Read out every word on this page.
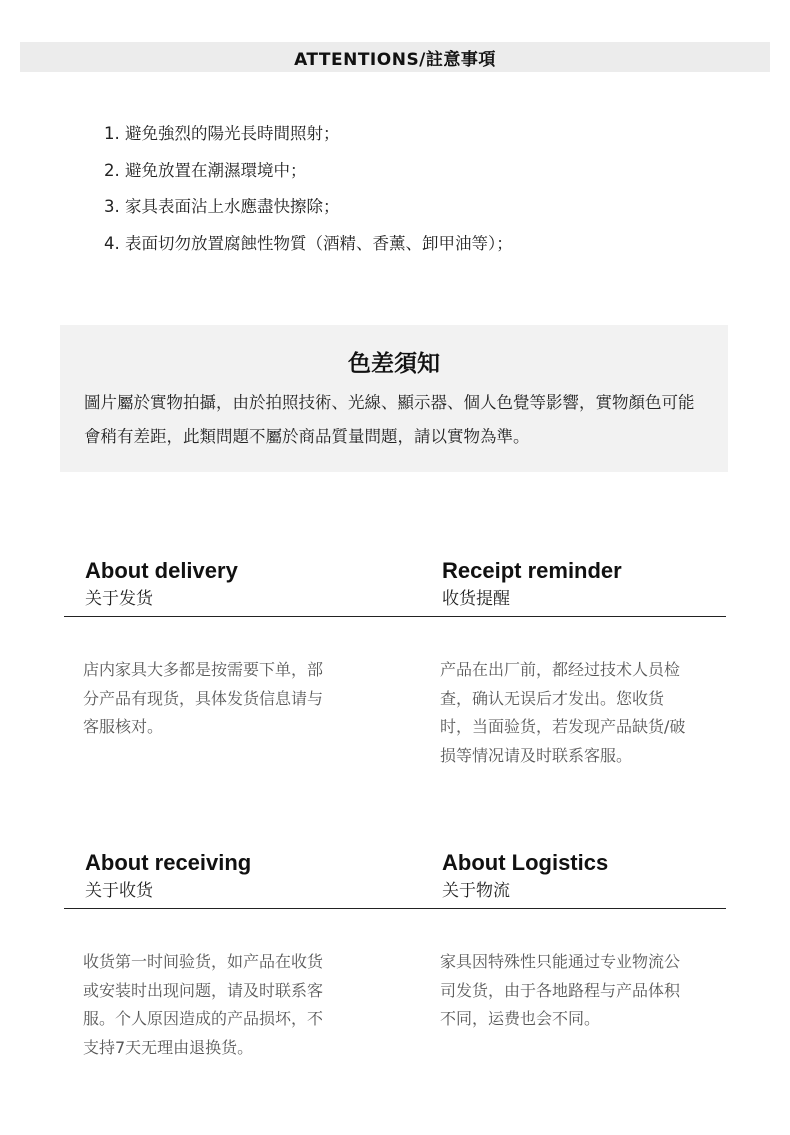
ATTENTIONS/註意事項
1. 避免強烈的陽光長時間照射；
2. 避免放置在潮濕環境中；
3. 家具表面沾上水應盡快擦除；
4. 表面切勿放置腐蝕性物質（酒精、香薰、卸甲油等）；
色差須知

圖片屬於實物拍攝，由於拍照技術、光線、顯示器、個人色覺等影響，實物顏色可能會稍有差距，此類問題不屬於商品質量問題，請以實物為準。

About delivery
关于发货
Receipt reminder
收货提醒

店内家具大多都是按需要下单，部分产品有现货，具体发货信息请与客服核对。

产品在出厂前，都经过技术人员检查，确认无误后才发出。您收货时，当面验货，若发现产品缺货/破损等情况请及时联系客服。

About receiving
关于收货
About Logistics
关于物流

收货第一时间验货，如产品在收货或安装时出现问题，请及时联系客服。个人原因造成的产品损坏，不支持7天无理由退换货。

家具因特殊性只能通过专业物流公司发货，由于各地路程与产品体积不同，运费也会不同。
